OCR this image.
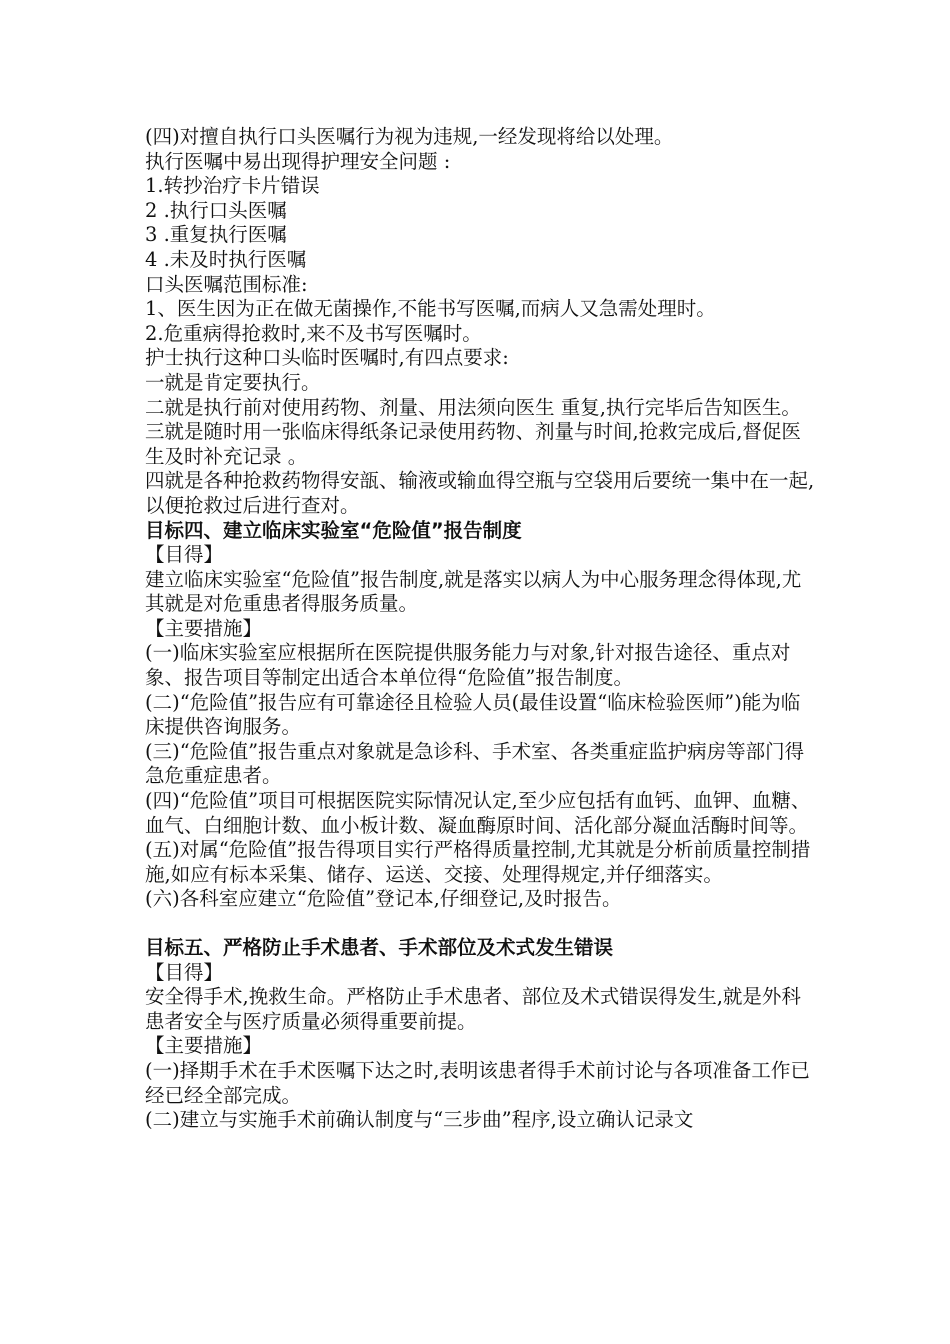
(四)对擅自执行口头医嘱行为视为违规,一经发现将给以处理。
执行医嘱中易出现得护理安全问题 :
1.转抄治疗卡片错误
2 .执行口头医嘱
3 .重复执行医嘱
4 .未及时执行医嘱
口头医嘱范围标准:
1、医生因为正在做无菌操作,不能书写医嘱,而病人又急需处理时。
2.危重病得抢救时,来不及书写医嘱时。
护士执行这种口头临时医嘱时,有四点要求:
一就是肯定要执行。
二就是执行前对使用药物、剂量、用法须向医生 重复,执行完毕后告知医生。
三就是随时用一张临床得纸条记录使用药物、剂量与时间,抢救完成后,督促医生及时补充记录 。
四就是各种抢救药物得安瓿、输液或输血得空瓶与空袋用后要统一集中在一起,以便抢救过后进行查对。
目标四、建立临床实验室“危险值”报告制度
【目得】
建立临床实验室“危险值”报告制度,就是落实以病人为中心服务理念得体现,尤其就是对危重患者得服务质量。
【主要措施】
(一)临床实验室应根据所在医院提供服务能力与对象,针对报告途径、重点对象、报告项目等制定出适合本单位得“危险值”报告制度。
(二)“危险值”报告应有可靠途径且检验人员(最佳设置“临床检验医师”)能为临床提供咨询服务。
(三)“危险值”报告重点对象就是急诊科、手术室、各类重症监护病房等部门得急危重症患者。
(四)“危险值”项目可根据医院实际情况认定,至少应包括有血钙、血钾、血糖、血气、白细胞计数、血小板计数、凝血酶原时间、活化部分凝血活酶时间等。
(五)对属“危险值”报告得项目实行严格得质量控制,尤其就是分析前质量控制措施,如应有标本采集、储存、运送、交接、处理得规定,并仔细落实。
(六)各科室应建立“危险值”登记本,仔细登记,及时报告。
目标五、严格防止手术患者、手术部位及术式发生错误
【目得】
安全得手术,挽救生命。严格防止手术患者、部位及术式错误得发生,就是外科患者安全与医疗质量必须得重要前提。
【主要措施】
(一)择期手术在手术医嘱下达之时,表明该患者得手术前讨论与各项准备工作已经已经全部完成。
(二)建立与实施手术前确认制度与“三步曲”程序,设立确认记录文
